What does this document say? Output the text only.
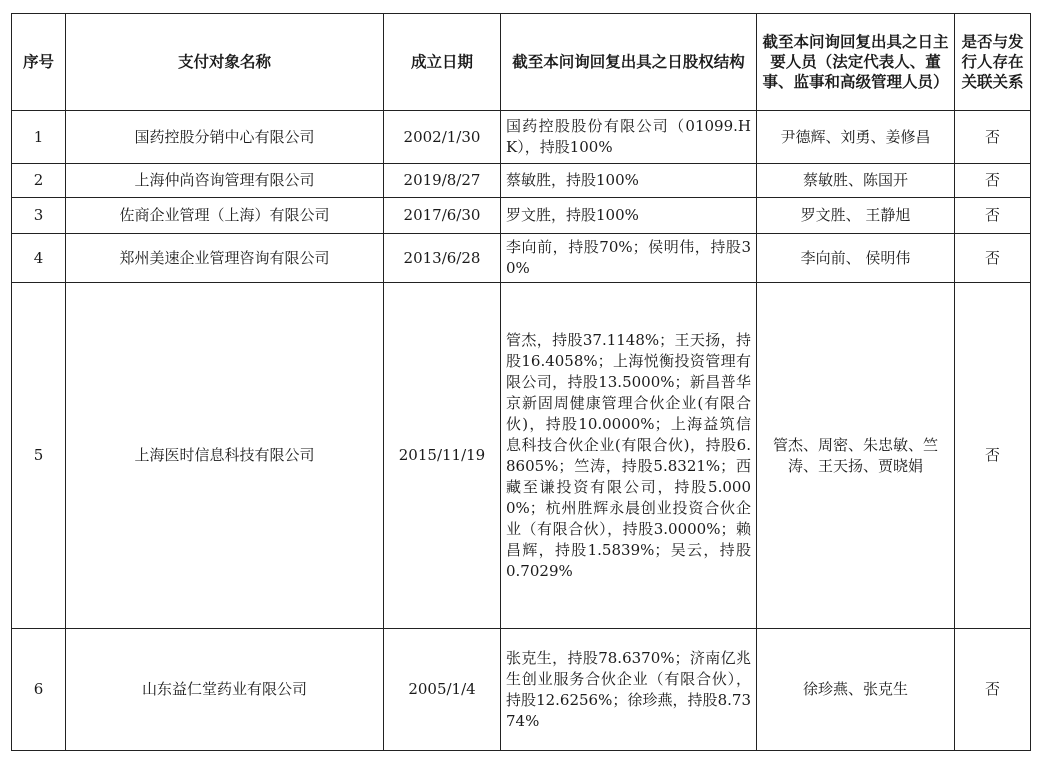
序号	支付对象名称	成立日期	截至本问询回复出具之日股权结构	截至本问询回复出具之日主要人员（法定代表人、董事、监事和高级管理人员）	是否与发行人存在关联关系
1	国药控股分销中心有限公司	2002/1/30	国药控股股份有限公司（01099.HK），持股100%	尹德辉、刘勇、姜修昌	否
2	上海仲尚咨询管理有限公司	2019/8/27	蔡敏胜，持股100%	蔡敏胜、陈国开	否
3	佐商企业管理（上海）有限公司	2017/6/30	罗文胜，持股100%	罗文胜、 王静旭	否
4	郑州美速企业管理咨询有限公司	2013/6/28	李向前，持股70%；侯明伟，持股30%	李向前、 侯明伟	否
5	上海医时信息科技有限公司	2015/11/19	管杰，持股37.1148%；王天扬，持股16.4058%；上海悦衡投资管理有限公司，持股13.5000%；新昌普华京新固周健康管理合伙企业(有限合伙)，持股10.0000%；上海益筑信息科技合伙企业(有限合伙)，持股6.8605%；竺涛，持股5.8321%；西藏至谦投资有限公司，持股5.0000%；杭州胜辉永晨创业投资合伙企业（有限合伙），持股3.0000%；赖昌辉，持股1.5839%；吴云，持股0.7029%	管杰、周密、朱忠敏、竺涛、王天扬、贾晓娟	否
6	山东益仁堂药业有限公司	2005/1/4	张克生，持股78.6370%；济南亿兆生创业服务合伙企业（有限合伙），持股12.6256%；徐珍燕，持股8.7374%	徐珍燕、张克生	否
